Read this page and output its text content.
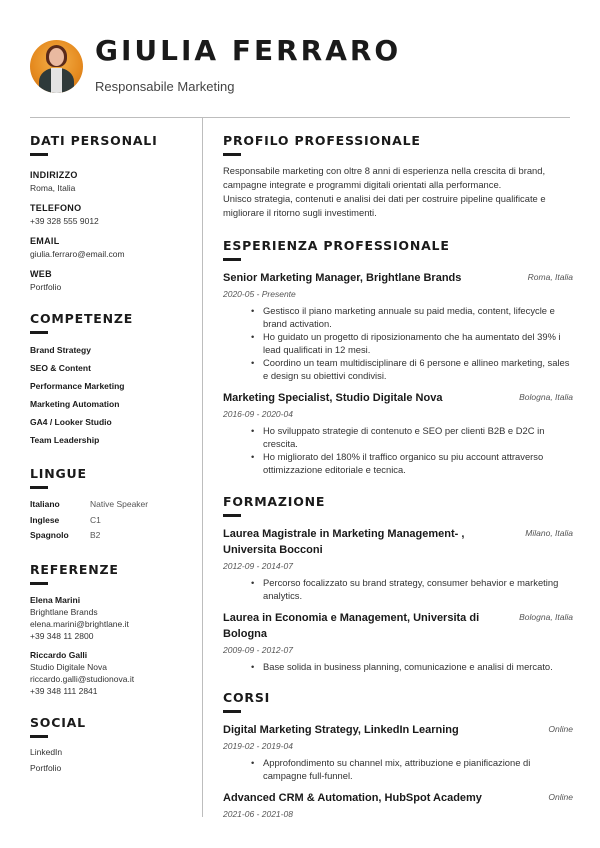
GIULIA FERRARO
Responsabile Marketing
DATI PERSONALI
INDIRIZZO
Roma, Italia
TELEFONO
+39 328 555 9012
EMAIL
giulia.ferraro@email.com
WEB
Portfolio
COMPETENZE
Brand Strategy
SEO & Content
Performance Marketing
Marketing Automation
GA4 / Looker Studio
Team Leadership
LINGUE
Italiano	Native Speaker
Inglese	C1
Spagnolo	B2
REFERENZE
Elena Marini
Brightlane Brands
elena.marini@brightlane.it
+39 348 11 2800
Riccardo Galli
Studio Digitale Nova
riccardo.galli@studionova.it
+39 348 111 2841
SOCIAL
LinkedIn
Portfolio
PROFILO PROFESSIONALE
Responsabile marketing con oltre 8 anni di esperienza nella crescita di brand, campagne integrate e programmi digitali orientati alla performance.
Unisco strategia, contenuti e analisi dei dati per costruire pipeline qualificate e migliorare il ritorno sugli investimenti.
ESPERIENZA PROFESSIONALE
Senior Marketing Manager, Brightlane Brands	Roma, Italia
2020-05 - Presente
• Gestisco il piano marketing annuale su paid media, content, lifecycle e brand activation.
• Ho guidato un progetto di riposizionamento che ha aumentato del 39% i lead qualificati in 12 mesi.
• Coordino un team multidisciplinare di 6 persone e allineo marketing, sales e design su obiettivi condivisi.
Marketing Specialist, Studio Digitale Nova	Bologna, Italia
2016-09 - 2020-04
• Ho sviluppato strategie di contenuto e SEO per clienti B2B e D2C in crescita.
• Ho migliorato del 180% il traffico organico su piu account attraverso ottimizzazione editoriale e tecnica.
FORMAZIONE
Laurea Magistrale in Marketing Management- , Universita Bocconi
Milano, Italia
2012-09 - 2014-07
• Percorso focalizzato su brand strategy, consumer behavior e marketing analytics.
Laurea in Economia e Management, Universita di Bologna
Bologna, Italia
2009-09 - 2012-07
• Base solida in business planning, comunicazione e analisi di mercato.
CORSI
Digital Marketing Strategy, LinkedIn Learning	Online
2019-02 - 2019-04
• Approfondimento su channel mix, attribuzione e pianificazione di campagne full-funnel.
Advanced CRM & Automation, HubSpot Academy	Online
2021-06 - 2021-08
